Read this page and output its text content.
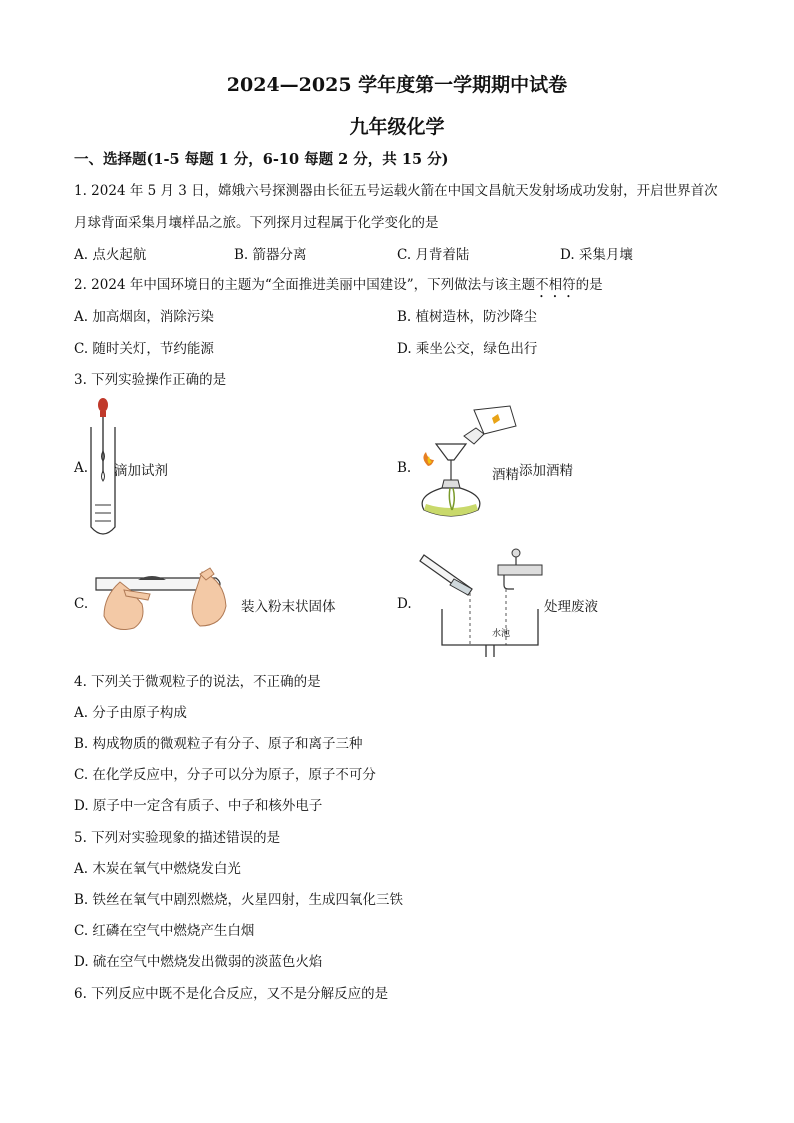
2024—2025 学年度第一学期期中试卷
九年级化学
一、选择题(1-5 每题 1 分，6-10 每题 2 分，共 15 分)
1. 2024 年 5 月 3 日，嫦娥六号探测器由长征五号运载火箭在中国文昌航天发射场成功发射，开启世界首次
月球背面采集月壤样品之旅。下列探月过程属于化学变化的是
A. 点火起航	B. 箭器分离	C. 月背着陆	D. 采集月壤
2. 2024 年中国环境日的主题为“全面推进美丽中国建设”，下列做法与该主题不相符的是
A. 加高烟囱，消除污染	B. 植树造林，防沙降尘
C. 随时关灯，节约能源	D. 乘坐公交，绿色出行
3. 下列实验操作正确的是
A. 滴加试剂	B.	酒精 添加酒精
C.	装入粉末状固体	D.
水池
处理废液
4. 下列关于微观粒子的说法，不正确的是
A. 分子由原子构成
B. 构成物质的微观粒子有分子、原子和离子三种
C. 在化学反应中，分子可以分为原子，原子不可分
D. 原子中一定含有质子、中子和核外电子
5. 下列对实验现象的描述错误的是
A. 木炭在氧气中燃烧发白光
B. 铁丝在氧气中剧烈燃烧，火星四射，生成四氧化三铁
C. 红磷在空气中燃烧产生白烟
D. 硫在空气中燃烧发出微弱的淡蓝色火焰
6. 下列反应中既不是化合反应，又不是分解反应的是
